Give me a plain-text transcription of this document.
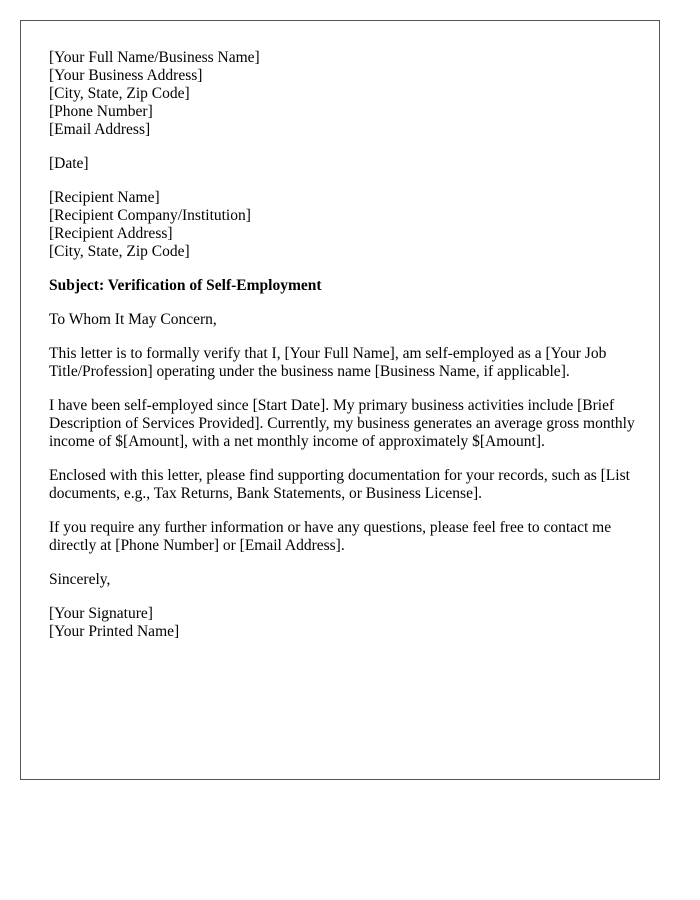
[Your Full Name/Business Name]
[Your Business Address]
[City, State, Zip Code]
[Phone Number]
[Email Address]
[Date]
[Recipient Name]
[Recipient Company/Institution]
[Recipient Address]
[City, State, Zip Code]
Subject: Verification of Self-Employment
To Whom It May Concern,

This letter is to formally verify that I, [Your Full Name], am self-employed as a [Your Job Title/Profession] operating under the business name [Business Name, if applicable].

I have been self-employed since [Start Date]. My primary business activities include [Brief Description of Services Provided]. Currently, my business generates an average gross monthly income of $[Amount], with a net monthly income of approximately $[Amount].

Enclosed with this letter, please find supporting documentation for your records, such as [List documents, e.g., Tax Returns, Bank Statements, or Business License].

If you require any further information or have any questions, please feel free to contact me directly at [Phone Number] or [Email Address].

Sincerely,
[Your Signature]
[Your Printed Name]
